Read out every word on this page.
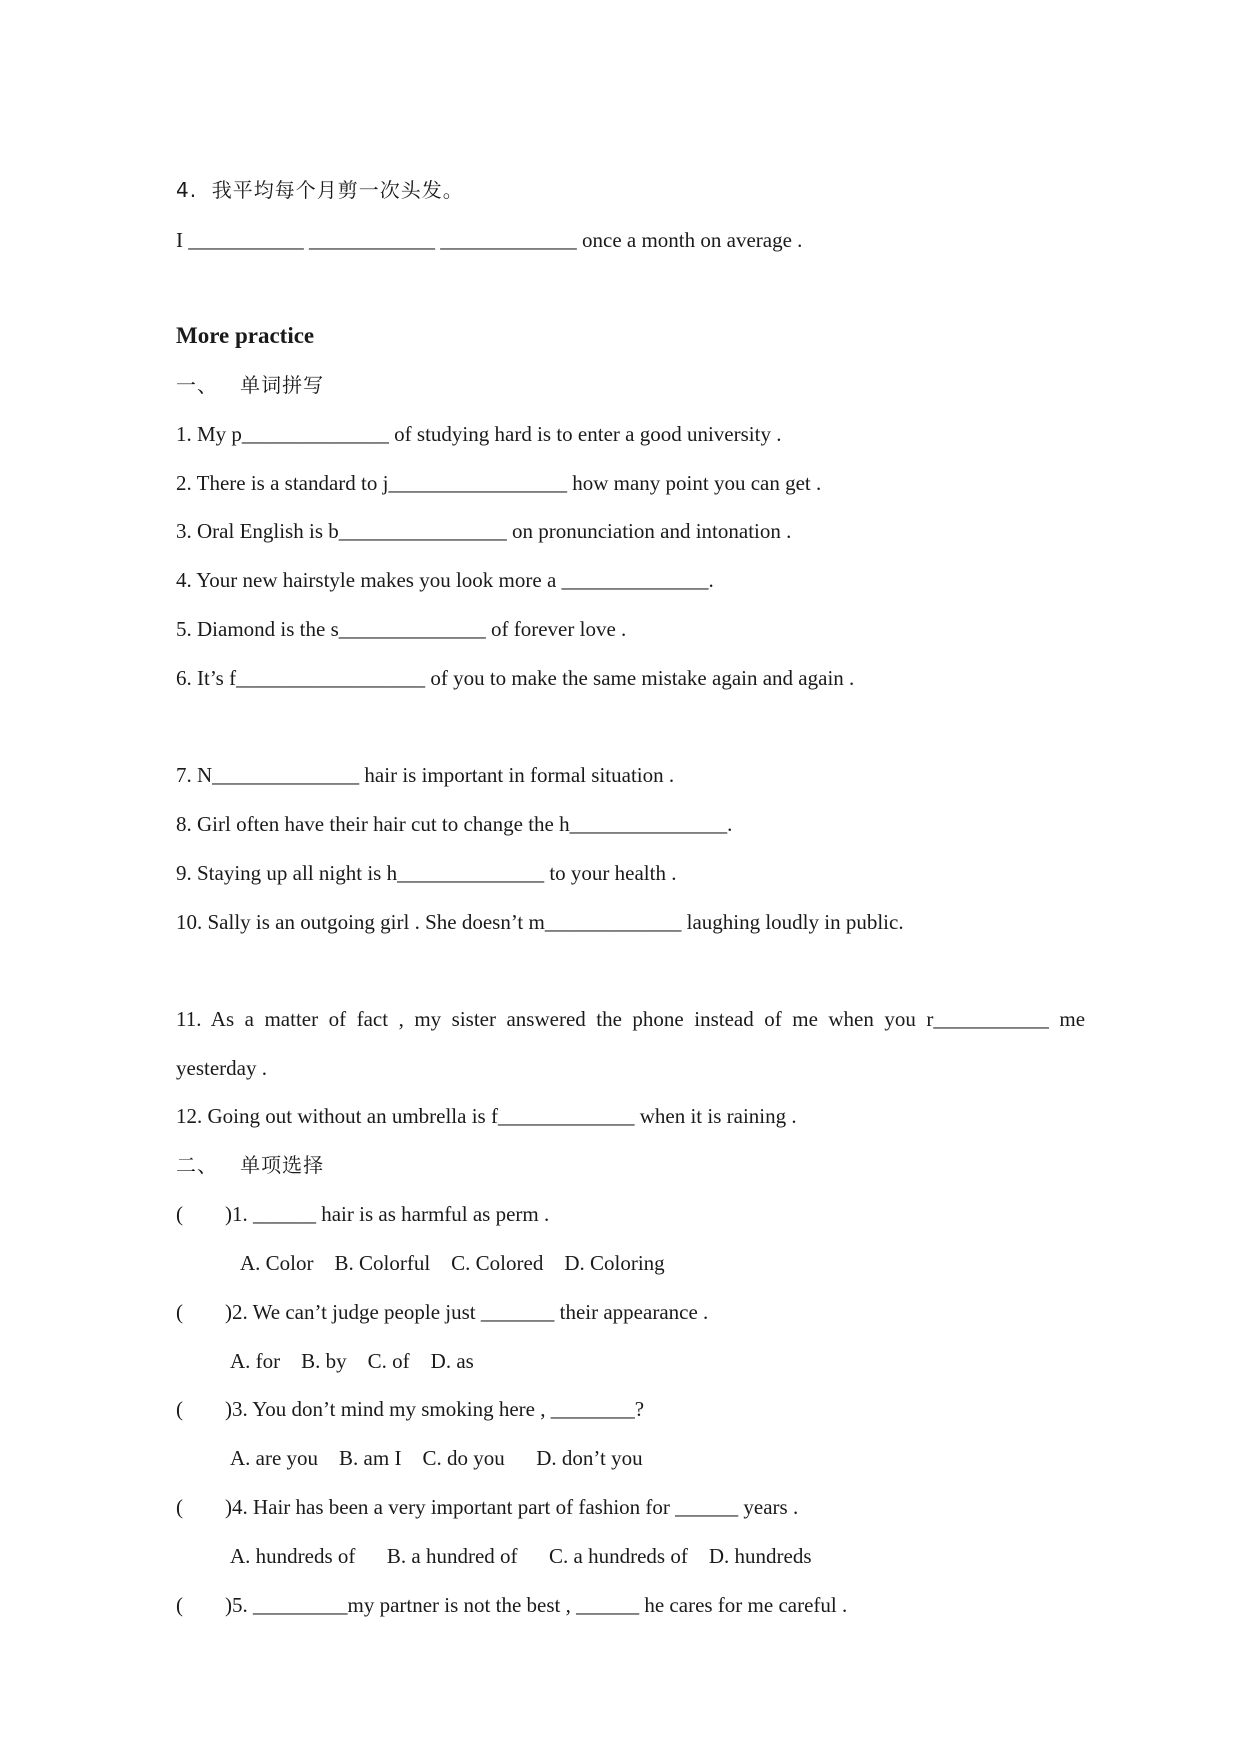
4.  我平均每个月剪一次头发。
I ___________ ____________ _____________ once a month on average .
More practice
一、   单词拼写
1. My p______________ of studying hard is to enter a good university .
2. There is a standard to j_________________ how many point you can get .
3. Oral English is b________________ on pronunciation and intonation .
4. Your new hairstyle makes you look more a ______________.
5. Diamond is the s______________ of forever love .
6. It’s f__________________ of you to make the same mistake again and again .
7. N______________ hair is important in formal situation .
8. Girl often have their hair cut to change the h_______________.
9. Staying up all night is h______________ to your health .
10. Sally is an outgoing girl . She doesn’t m_____________ laughing loudly in public.
11.  As  a  matter  of  fact  ,  my  sister  answered  the  phone  instead  of  me  when  you  r___________  me
yesterday .
12. Going out without an umbrella is f_____________ when it is raining .
二、   单项选择
(        )1. ______ hair is as harmful as perm .
A. Color    B. Colorful    C. Colored    D. Coloring
(        )2. We can’t judge people just _______ their appearance .
A. for    B. by    C. of    D. as
(        )3. You don’t mind my smoking here , ________?
A. are you    B. am I    C. do you      D. don’t you
(        )4. Hair has been a very important part of fashion for ______ years .
A. hundreds of      B. a hundred of      C. a hundreds of    D. hundreds
(        )5. _________my partner is not the best , ______ he cares for me careful .
